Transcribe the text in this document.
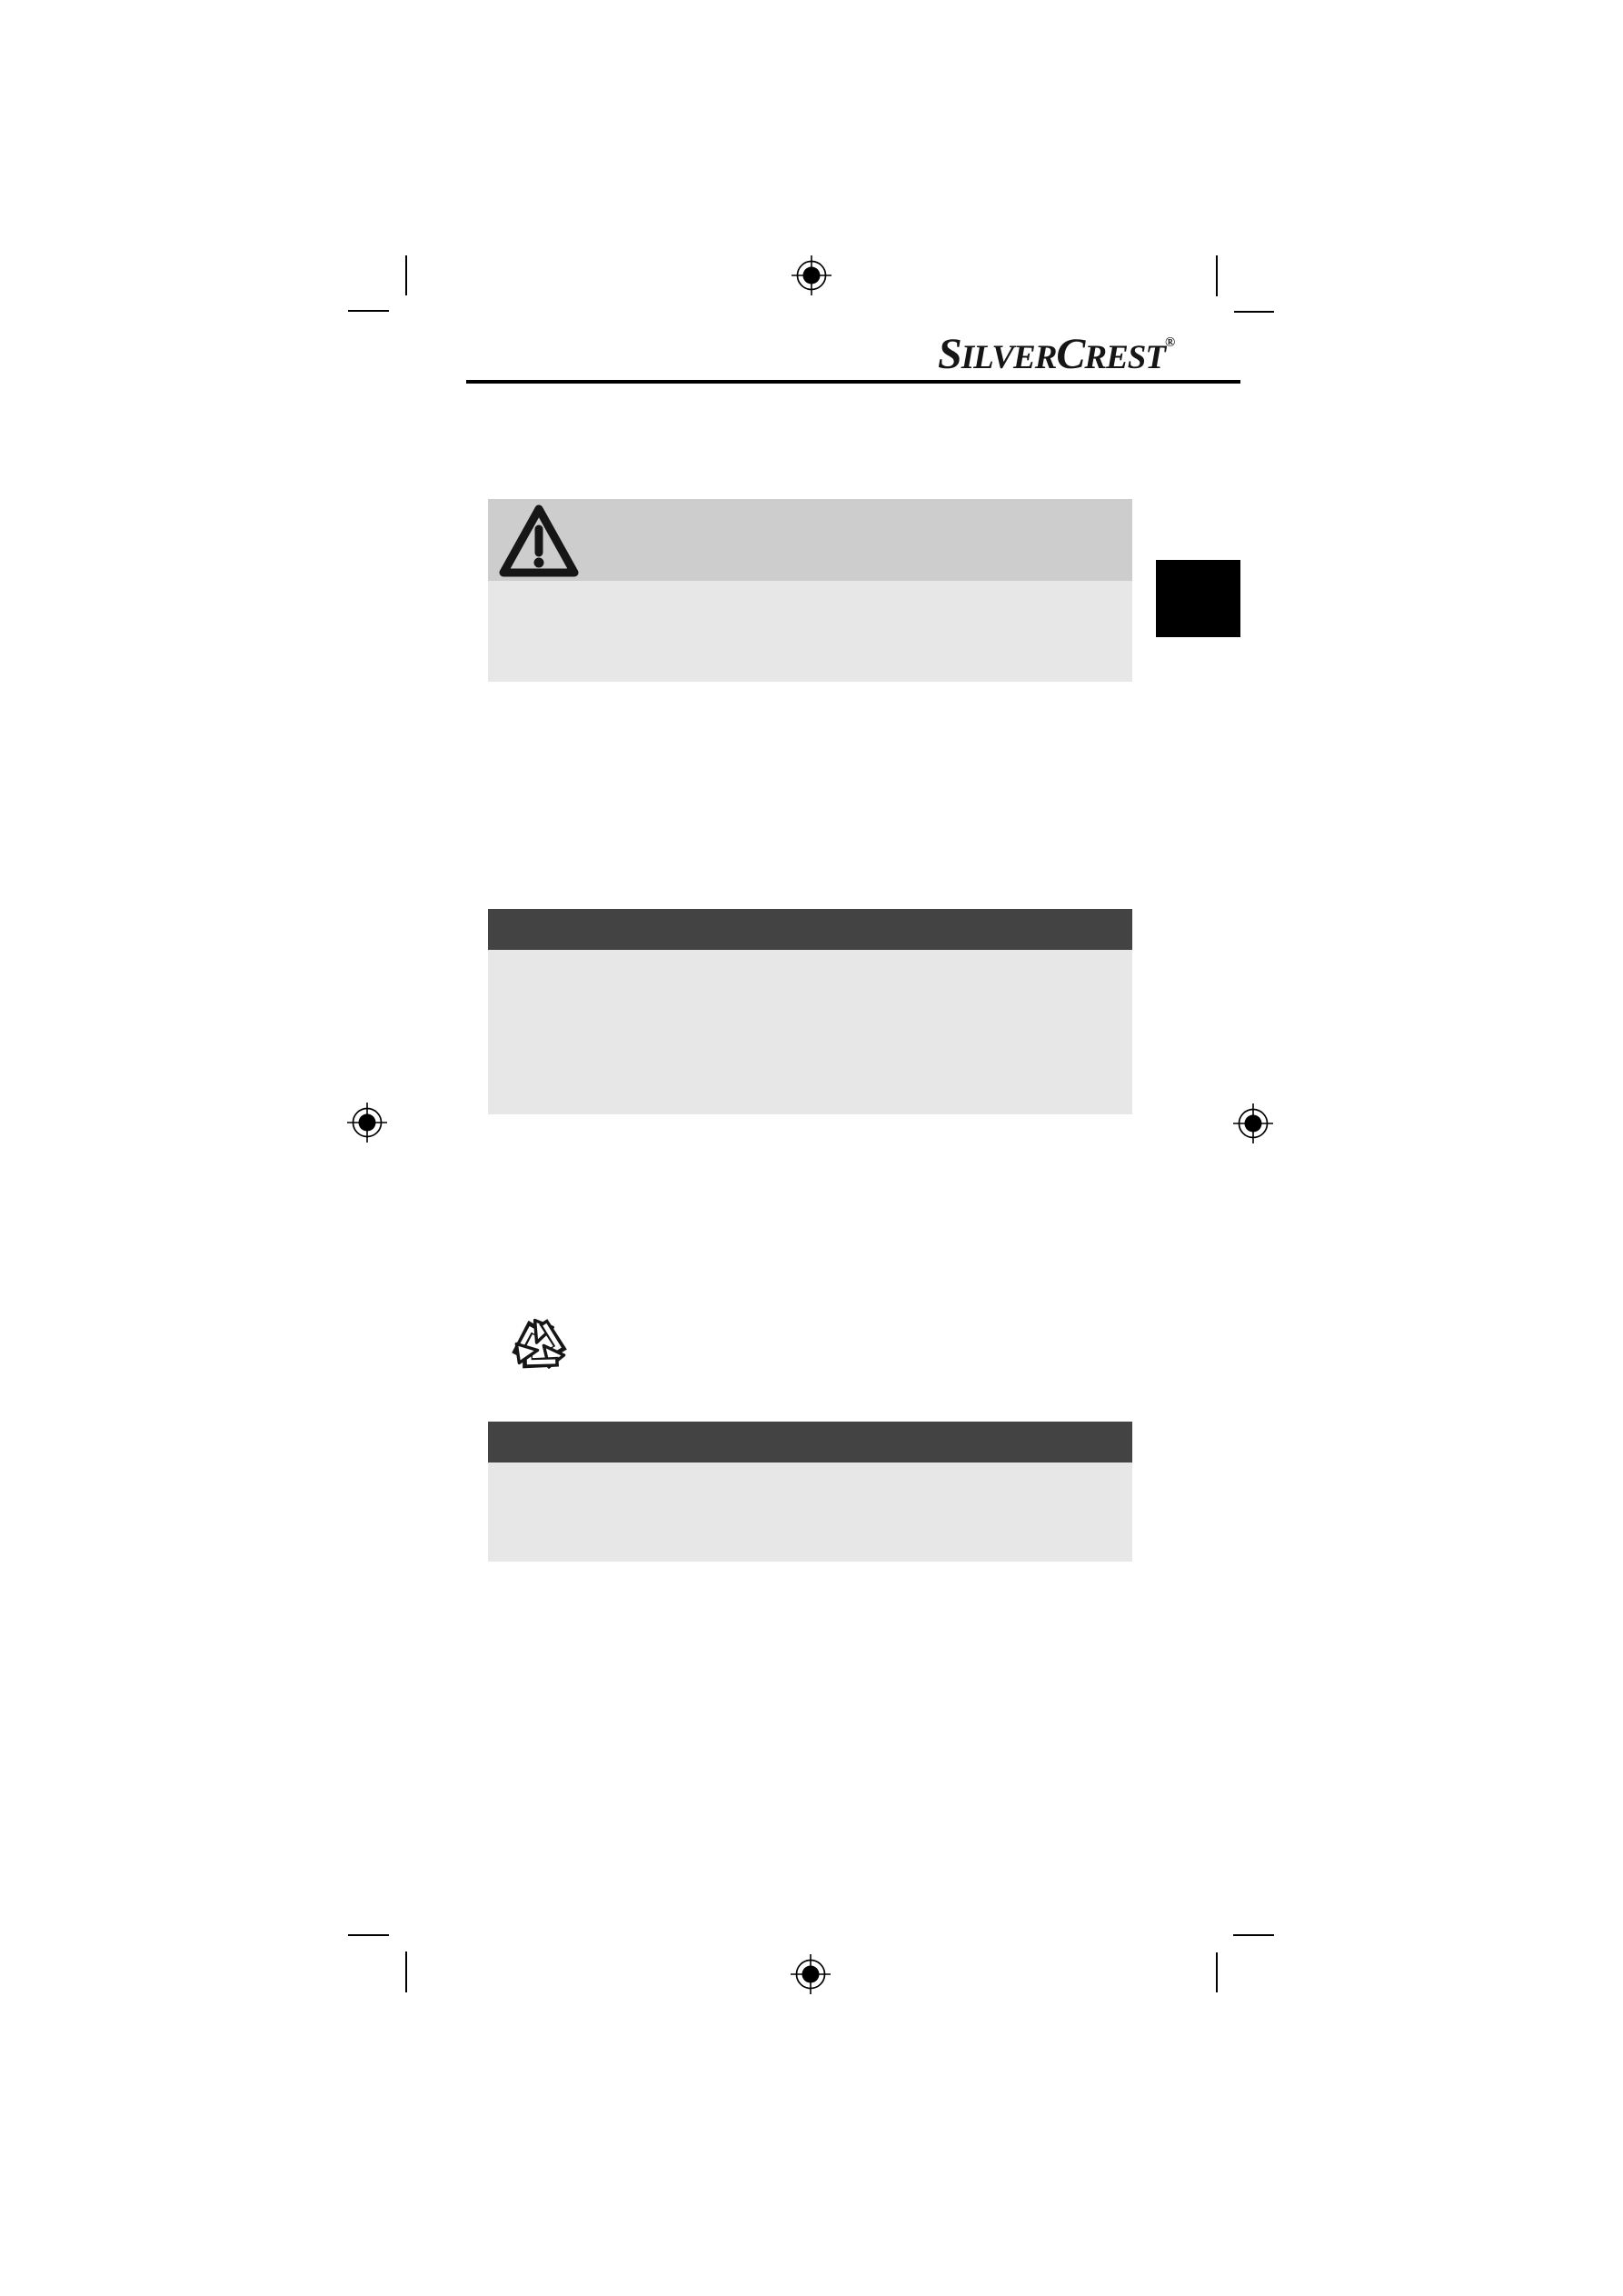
SILVERCREST®
